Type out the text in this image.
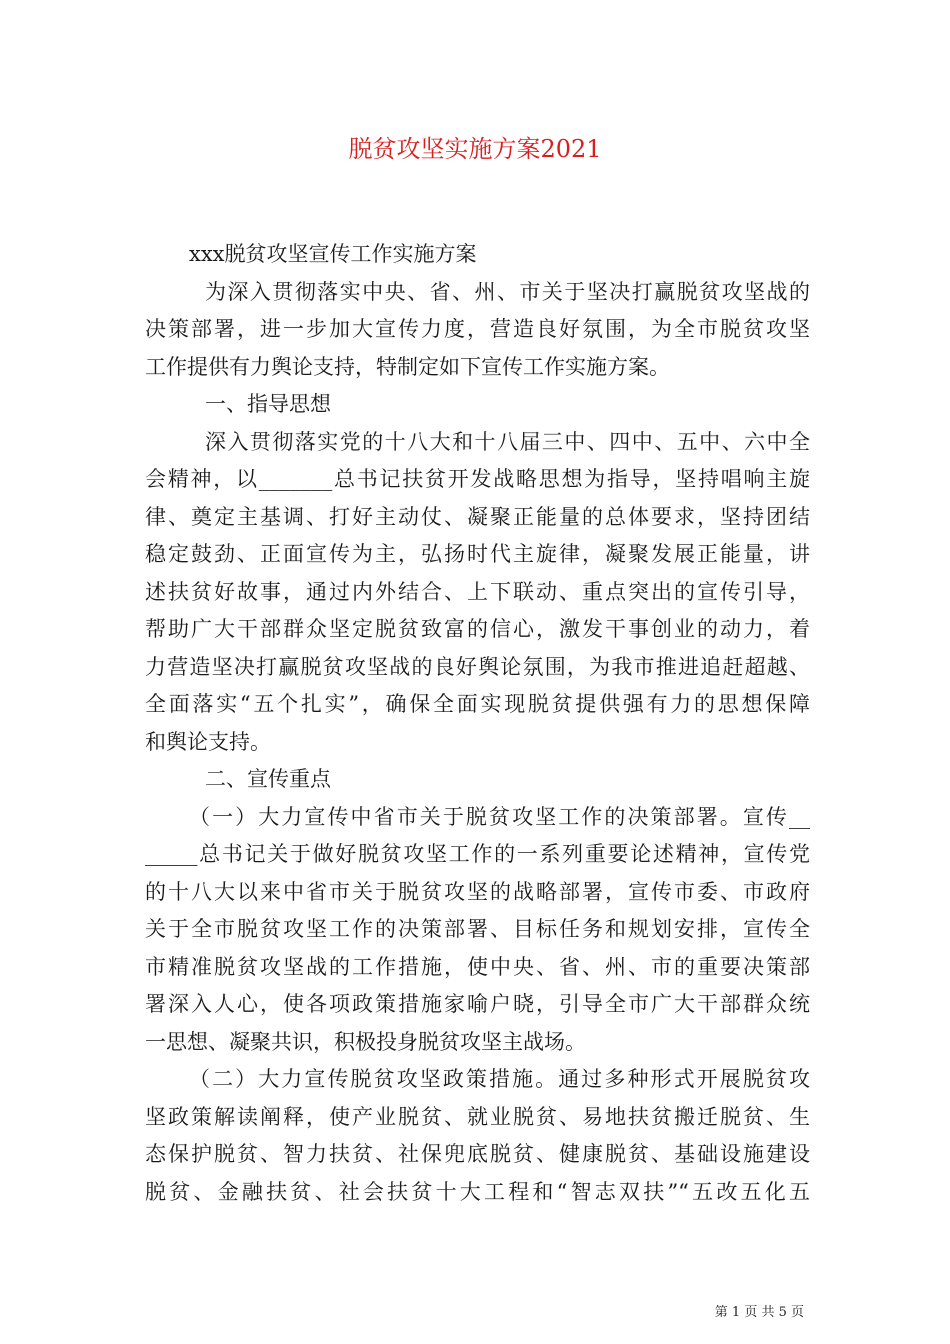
脱贫攻坚实施方案2021
xxx脱贫攻坚宣传工作实施方案
为深入贯彻落实中央、省、州、市关于坚决打赢脱贫攻坚战的
决策部署，进一步加大宣传力度，营造良好氛围，为全市脱贫攻坚
工作提供有力舆论支持，特制定如下宣传工作实施方案。
一、指导思想
深入贯彻落实党的十八大和十八届三中、四中、五中、六中全
会精神，以_______总书记扶贫开发战略思想为指导，坚持唱响主旋
律、奠定主基调、打好主动仗、凝聚正能量的总体要求，坚持团结
稳定鼓劲、正面宣传为主，弘扬时代主旋律，凝聚发展正能量，讲
述扶贫好故事，通过内外结合、上下联动、重点突出的宣传引导，
帮助广大干部群众坚定脱贫致富的信心，激发干事创业的动力，着
力营造坚决打赢脱贫攻坚战的良好舆论氛围，为我市推进追赶超越、
全面落实“五个扎实”，确保全面实现脱贫提供强有力的思想保障
和舆论支持。
二、宣传重点
（一）大力宣传中省市关于脱贫攻坚工作的决策部署。宣传__
_____总书记关于做好脱贫攻坚工作的一系列重要论述精神，宣传党
的十八大以来中省市关于脱贫攻坚的战略部署，宣传市委、市政府
关于全市脱贫攻坚工作的决策部署、目标任务和规划安排，宣传全
市精准脱贫攻坚战的工作措施，使中央、省、州、市的重要决策部
署深入人心，使各项政策措施家喻户晓，引导全市广大干部群众统
一思想、凝聚共识，积极投身脱贫攻坚主战场。
（二）大力宣传脱贫攻坚政策措施。通过多种形式开展脱贫攻
坚政策解读阐释，使产业脱贫、就业脱贫、易地扶贫搬迁脱贫、生
态保护脱贫、智力扶贫、社保兜底脱贫、健康脱贫、基础设施建设
脱贫、金融扶贫、社会扶贫十大工程和“智志双扶”“五改五化五
第 1 页 共 5 页
